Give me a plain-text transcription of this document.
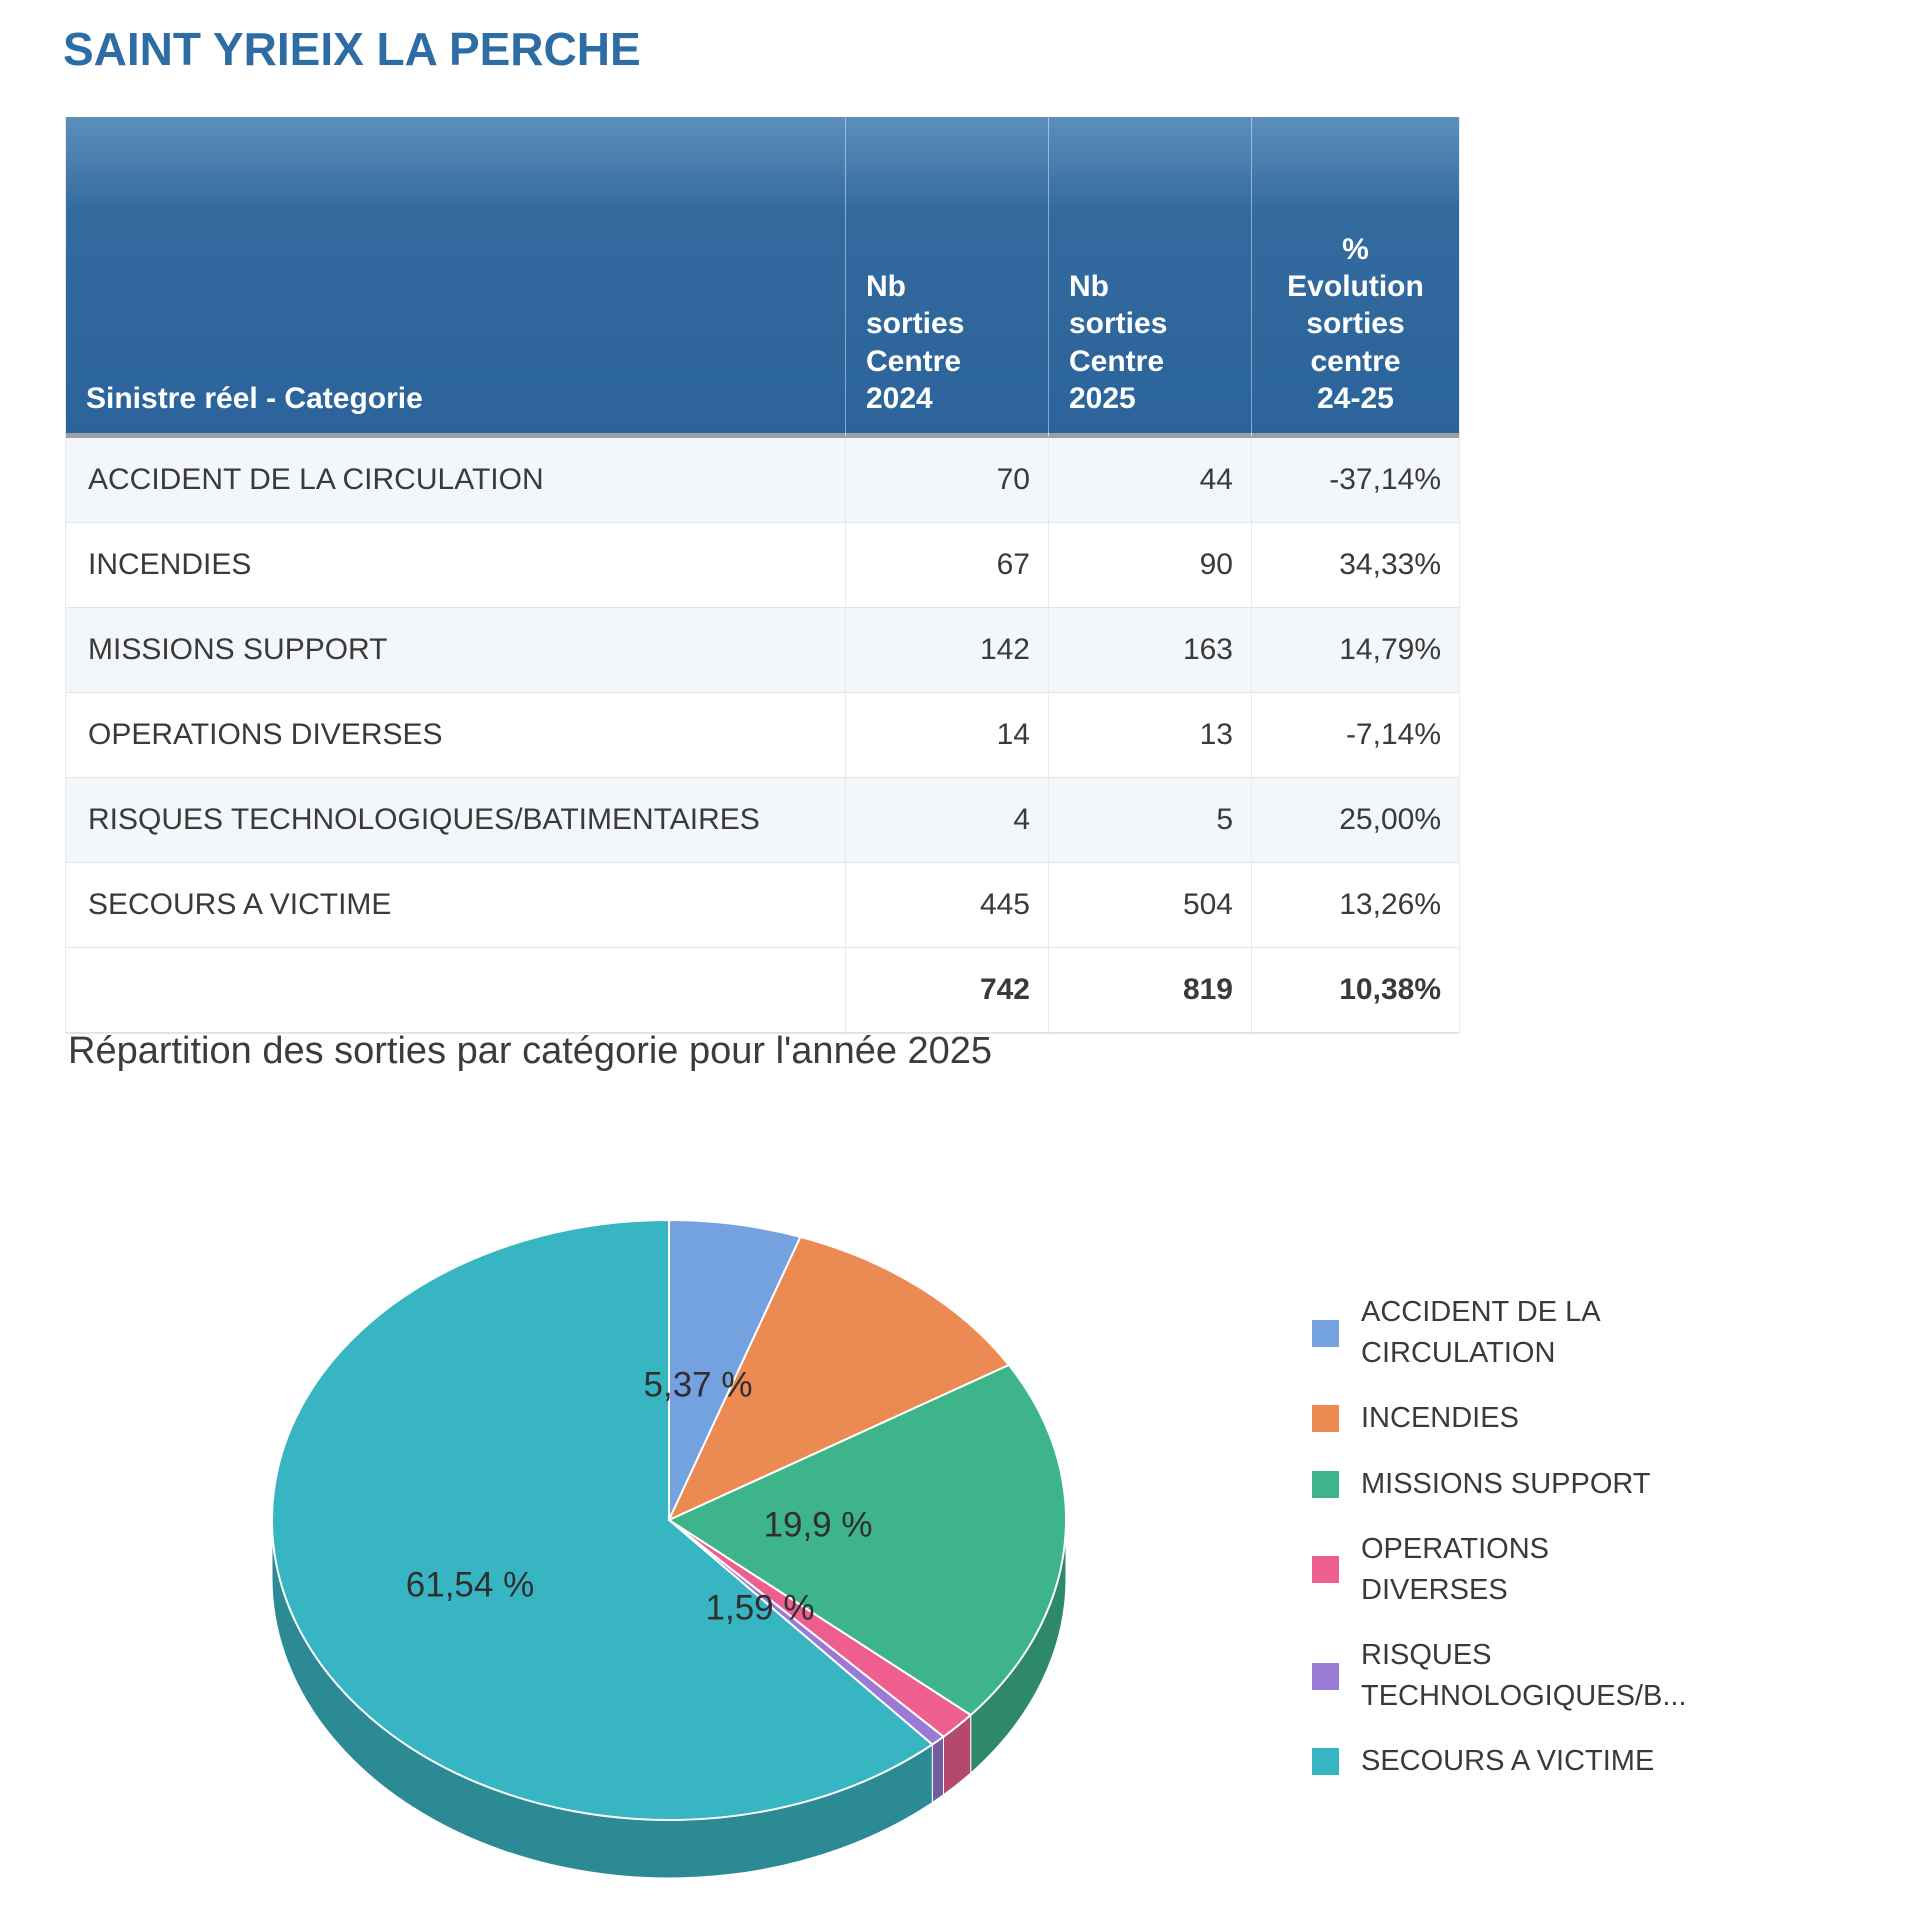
SAINT YRIEIX LA PERCHE
Sinistre réel - Categorie	Nb
sorties
Centre
2024	Nb
sorties
Centre
2025	%
Evolution
sorties
centre
24-25

ACCIDENT DE LA CIRCULATION	70	44	-37,14%
INCENDIES	67	90	34,33%
MISSIONS SUPPORT	142	163	14,79%
OPERATIONS DIVERSES	14	13	-7,14%
RISQUES TECHNOLOGIQUES/BATIMENTAIRES	4	5	25,00%
SECOURS A VICTIME	445	504	13,26%
	742	819	10,38%
Répartition des sorties par catégorie pour l'année 2025
5,37 %
19,9 %
1,59 %
61,54 %
ACCIDENT DE LA
CIRCULATION
INCENDIES
MISSIONS SUPPORT
OPERATIONS
DIVERSES
RISQUES
TECHNOLOGIQUES/B...
SECOURS A VICTIME
